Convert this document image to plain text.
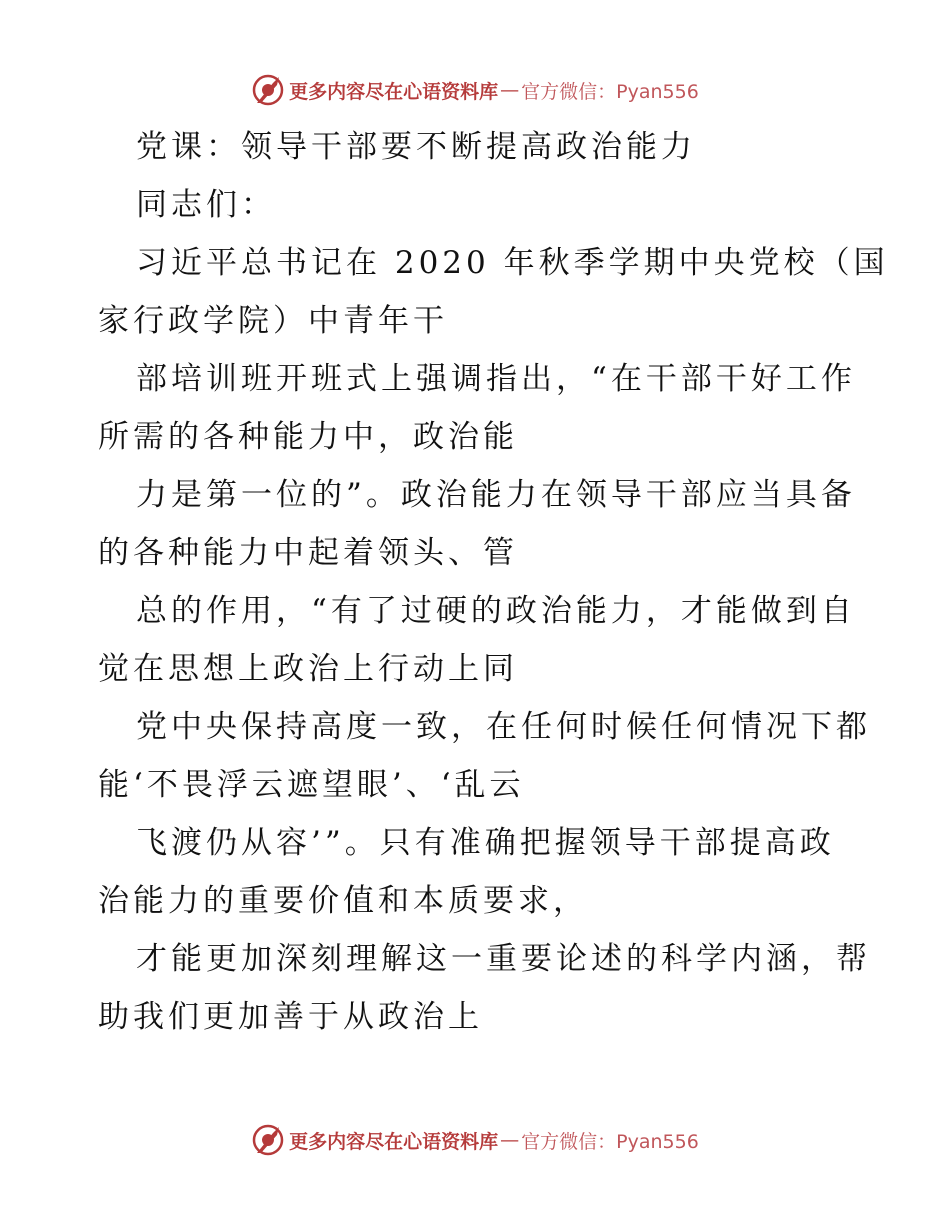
更多内容尽在心语资料库 — 官方微信：Pyan556
党课：领导干部要不断提高政治能力
同志们：
习近平总书记在 2020 年秋季学期中央党校（国
家行政学院）中青年干
部培训班开班式上强调指出，“在干部干好工作
所需的各种能力中，政治能
力是第一位的”。政治能力在领导干部应当具备
的各种能力中起着领头、管
总的作用，“有了过硬的政治能力，才能做到自
觉在思想上政治上行动上同
党中央保持高度一致，在任何时候任何情况下都
能‘不畏浮云遮望眼’、‘乱云
飞渡仍从容’”。只有准确把握领导干部提高政
治能力的重要价值和本质要求，
才能更加深刻理解这一重要论述的科学内涵，帮
助我们更加善于从政治上
更多内容尽在心语资料库 — 官方微信：Pyan556
